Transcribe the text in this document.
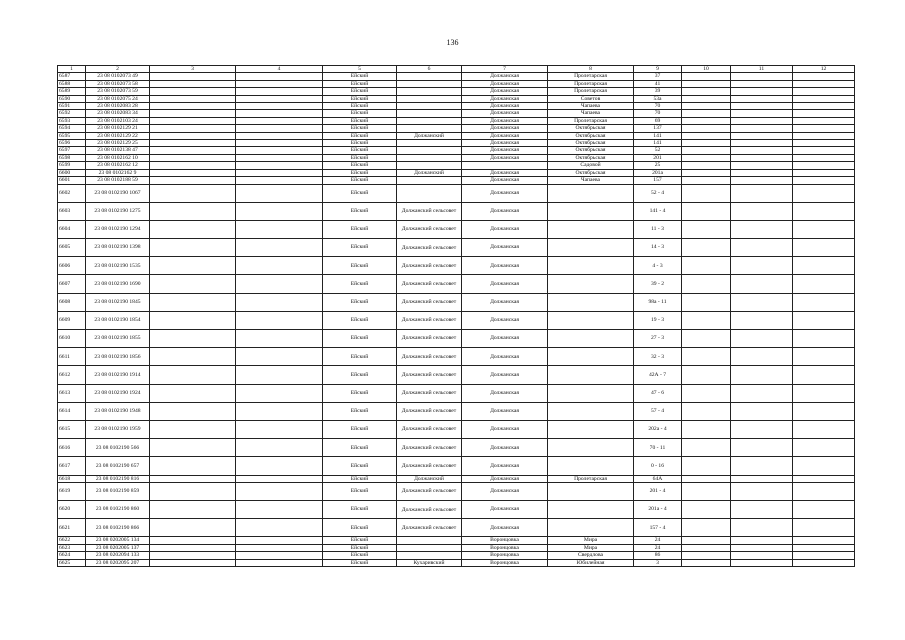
136
1	2	3	4	5	6	7	8	9	10	11	12
6587	23 08 0102073 49			Ейский		Должанская	Пролетарская	37			
6588	23 08 0102073 58			Ейский		Должанская	Пролетарская	41			
6589	23 08 0102073 59			Ейский		Должанская	Пролетарская	39			
6590	23 08 0102075 24			Ейский		Должанская	Советов	53а			
6591	23 08 0102083 28			Ейский		Должанская	Чапаева	70			
6592	23 08 0102083 34			Ейский		Должанская	Чапаева	70			
6593	23 08 0102103 24			Ейский		Должанская	Пролетарская	69			
6594	23 08 0102129 21			Ейский		Должанская	Октябрьская	137			
6595	23 08 0102129 22			Ейский	Должанский	Должанская	Октябрьская	141			
6596	23 08 0102129 25			Ейский		Должанская	Октябрьская	141			
6597	23 08 0102138 47			Ейский		Должанская	Октябрьская	52			
6598	23 08 0102162 10			Ейский		Должанская	Октябрьская	201			
6599	23 08 0102162 12			Ейский			Садовой	25			
6600	23 08 0102162 9			Ейский	Должанский	Должанская	Октябрьская	201а			
6601	23 08 0102188 59			Ейский		Должанская	Чапаева	157			
6602	23 08 0102190 1067			Ейский		Должанская		52 - 4			
6603	23 08 0102190 1275			Ейский	Должанский сельсовет	Должанская		141 - 4			
6604	23 08 0102190 1294			Ейский	Должанский сельсовет	Должанская		11 - 3			
6605	23 08 0102190 1398			Ейский	Должанский сельсовет	Должанская		14 - 3			
6606	23 08 0102190 1535			Ейский	Должанский сельсовет	Должанская		4 - 3			
6607	23 08 0102190 1690			Ейский	Должанский сельсовет	Должанская		39 - 2			
6608	23 08 0102190 1845			Ейский	Должанский сельсовет	Должанская		98а - 11			
6609	23 08 0102190 1854			Ейский	Должанский сельсовет	Должанская		19 - 3			
6610	23 08 0102190 1855			Ейский	Должанский сельсовет	Должанская		27 - 3			
6611	23 08 0102190 1856			Ейский	Должанский сельсовет	Должанская		32 - 3			
6612	23 08 0102190 1914			Ейский	Должанский сельсовет	Должанская		42А - 7			
6613	23 08 0102190 1924			Ейский	Должанский сельсовет	Должанская		47 - 6			
6614	23 08 0102190 1948			Ейский	Должанский сельсовет	Должанская		57 - 4			
6615	23 08 0102190 1959			Ейский	Должанский сельсовет	Должанская		202а - 4			
6616	23 08 0102190 566			Ейский	Должанский сельсовет	Должанская		70 - 11			
6617	23 08 0102190 657			Ейский	Должанский сельсовет	Должанская		0 - 16			
6618	23 08 0102190 816			Ейский	Должанский	Должанская	Пролетарская	64А			
6619	23 08 0102190 859			Ейский	Должанский сельсовет	Должанская		201 - 4			
6620	23 08 0102190 860			Ейский	Должанский сельсовет	Должанская		201а - 4			
6621	23 08 0102190 866			Ейский	Должанский сельсовет	Должанская		157 - 4			
6622	23 08 0202005 134			Ейский		Воронцовка	Мира	24			
6623	23 08 0202005 137			Ейский		Воронцовка	Мира	24			
6624	23 08 0202094 133			Ейский		Воронцовка	Свердлова	86			
6625	23 08 0202095 207			Ейский	Кухаривский	Воронцовка	Юбилейная	3			
